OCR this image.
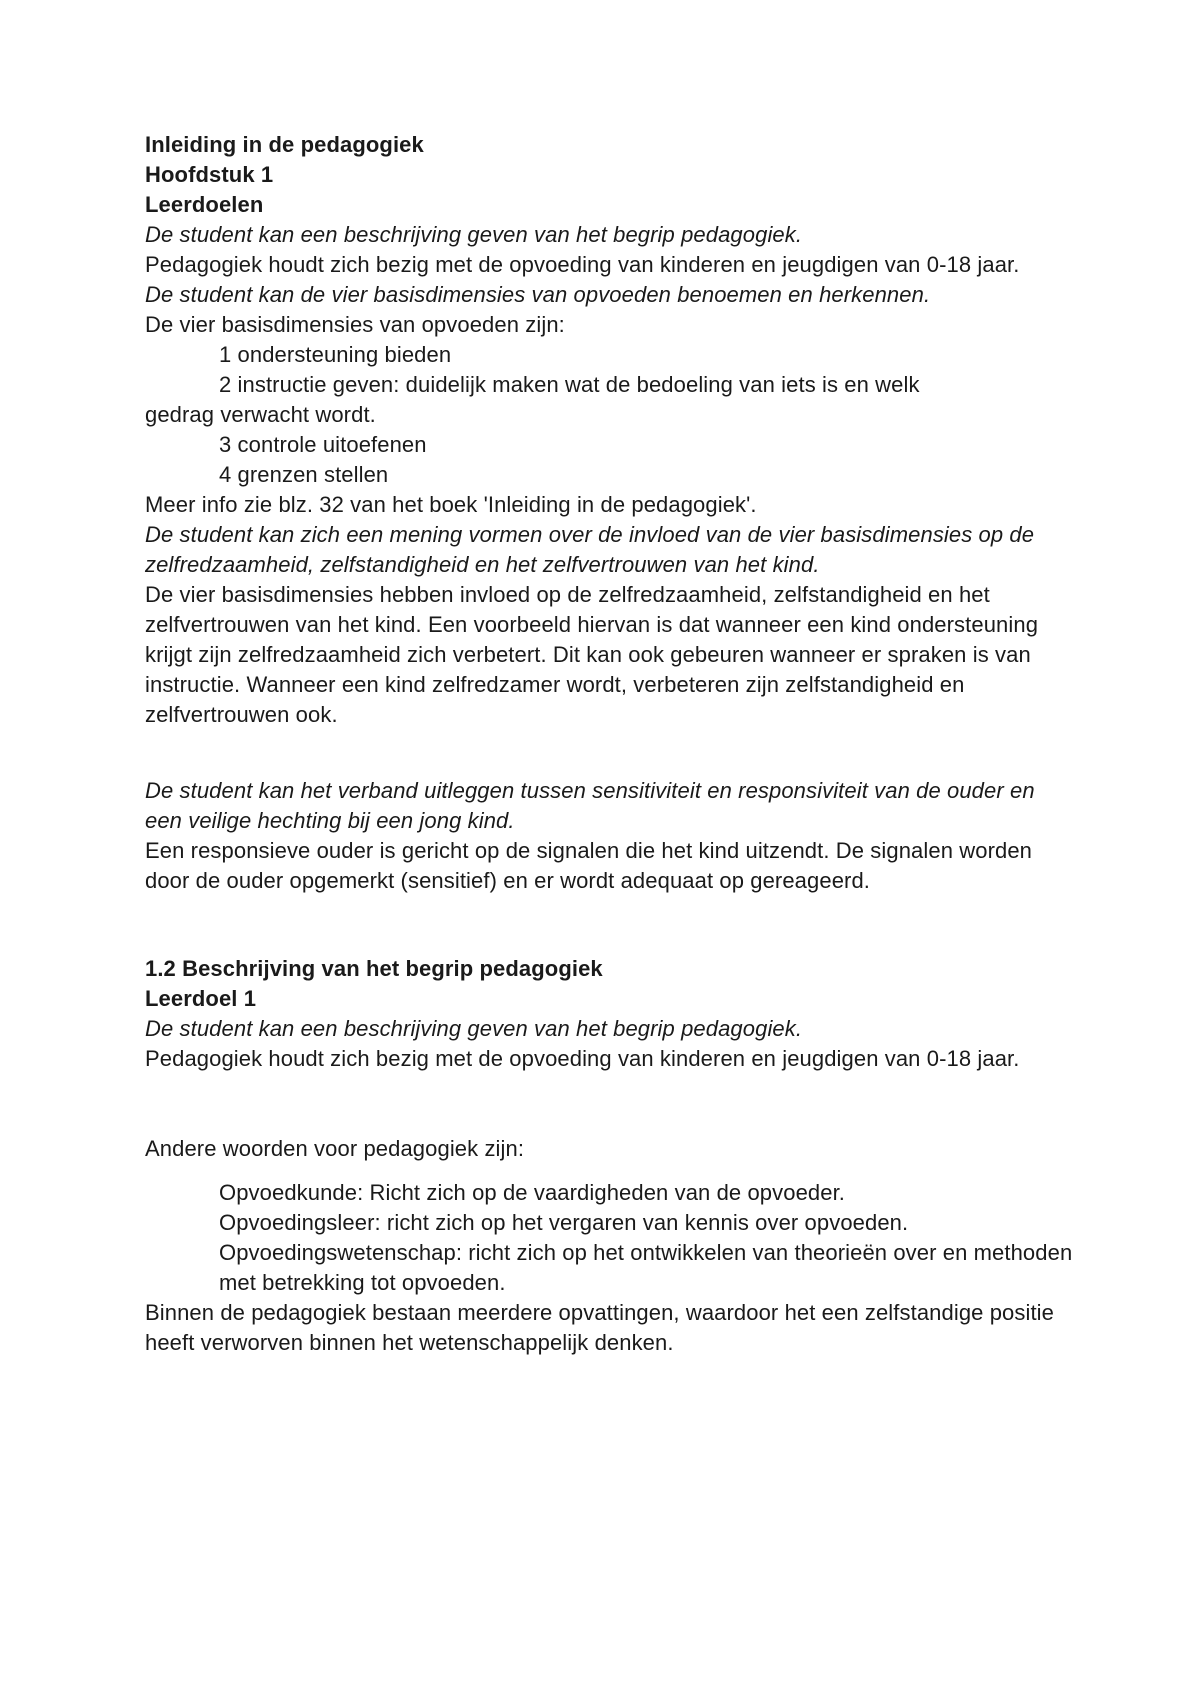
Inleiding in de pedagogiek

Hoofdstuk 1

Leerdoelen

De student kan een beschrijving geven van het begrip pedagogiek.

Pedagogiek houdt zich bezig met de opvoeding van kinderen en jeugdigen van 0-18 jaar.

De student kan de vier basisdimensies van opvoeden benoemen en herkennen.

De vier basisdimensies van opvoeden zijn:

1 ondersteuning bieden

2 instructie geven: duidelijk maken wat de bedoeling van iets is en welk

gedrag verwacht wordt.

3 controle uitoefenen

4 grenzen stellen

Meer info zie blz. 32 van het boek 'Inleiding in de pedagogiek'.

De student kan zich een mening vormen over de invloed van de vier basisdimensies op de zelfredzaamheid, zelfstandigheid en het zelfvertrouwen van het kind.

De vier basisdimensies hebben invloed op de zelfredzaamheid, zelfstandigheid en het zelfvertrouwen van het kind. Een voorbeeld hiervan is dat wanneer een kind ondersteuning krijgt zijn zelfredzaamheid zich verbetert. Dit kan ook gebeuren wanneer er spraken is van instructie. Wanneer een kind zelfredzamer wordt, verbeteren zijn zelfstandigheid en zelfvertrouwen ook.

De student kan het verband uitleggen tussen sensitiviteit en responsiviteit van de ouder en een veilige hechting bij een jong kind.

Een responsieve ouder is gericht op de signalen die het kind uitzendt. De signalen worden door de ouder opgemerkt (sensitief) en er wordt adequaat op gereageerd.

1.2 Beschrijving van het begrip pedagogiek

Leerdoel 1

De student kan een beschrijving geven van het begrip pedagogiek.

Pedagogiek houdt zich bezig met de opvoeding van kinderen en jeugdigen van 0-18 jaar.

Andere woorden voor pedagogiek zijn:

Opvoedkunde: Richt zich op de vaardigheden van de opvoeder.

Opvoedingsleer: richt zich op het vergaren van kennis over opvoeden.

Opvoedingswetenschap: richt zich op het ontwikkelen van theorieën over en methoden met betrekking tot opvoeden.

Binnen de pedagogiek bestaan meerdere opvattingen, waardoor het een zelfstandige positie heeft verworven binnen het wetenschappelijk denken.
